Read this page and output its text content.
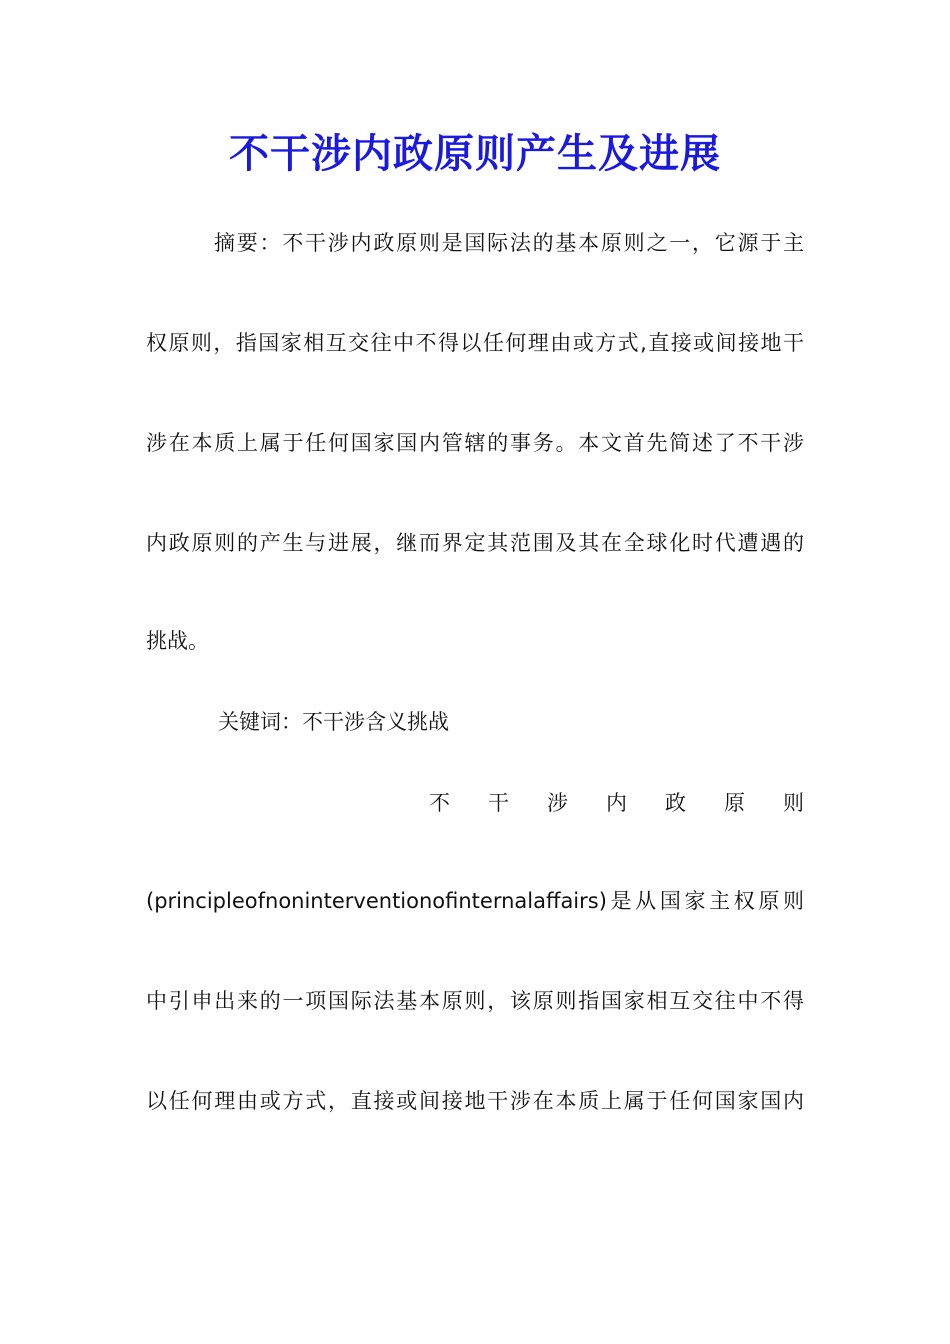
不干涉内政原则产生及进展
摘要：不干涉内政原则是国际法的基本原则之一，它源于主
权原则，指国家相互交往中不得以任何理由或方式,直接或间接地干
涉在本质上属于任何国家国内管辖的事务。本文首先简述了不干涉
内政原则的产生与进展，继而界定其范围及其在全球化时代遭遇的
挑战。
关键词：不干涉含义挑战
不 干 涉 内 政 原 则
(principleofnoninterventionofinternalaffairs)是从国家主权原则
中引申出来的一项国际法基本原则，该原则指国家相互交往中不得
以任何理由或方式，直接或间接地干涉在本质上属于任何国家国内
